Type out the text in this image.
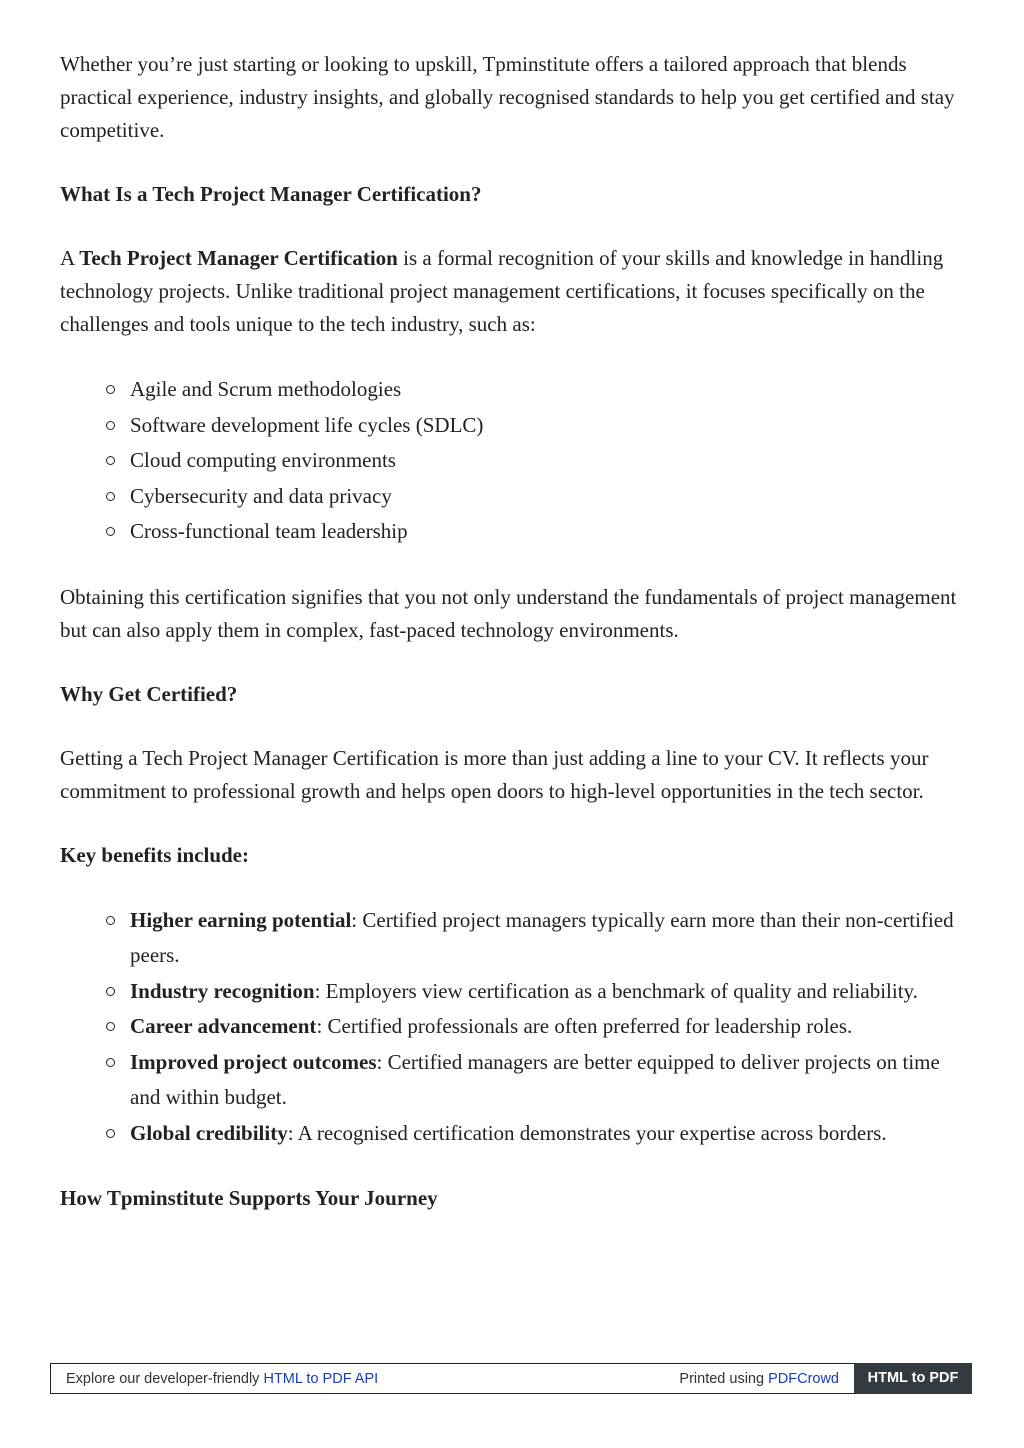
Whether you’re just starting or looking to upskill, Tpminstitute offers a tailored approach that blends practical experience, industry insights, and globally recognised standards to help you get certified and stay competitive.

What Is a Tech Project Manager Certification?

A Tech Project Manager Certification is a formal recognition of your skills and knowledge in handling technology projects. Unlike traditional project management certifications, it focuses specifically on the challenges and tools unique to the tech industry, such as:

Agile and Scrum methodologies
Software development life cycles (SDLC)
Cloud computing environments
Cybersecurity and data privacy
Cross-functional team leadership

Obtaining this certification signifies that you not only understand the fundamentals of project management but can also apply them in complex, fast-paced technology environments.

Why Get Certified?

Getting a Tech Project Manager Certification is more than just adding a line to your CV. It reflects your commitment to professional growth and helps open doors to high-level opportunities in the tech sector.

Key benefits include:
Higher earning potential: Certified project managers typically earn more than their non-certified peers.
Industry recognition: Employers view certification as a benchmark of quality and reliability.
Career advancement: Certified professionals are often preferred for leadership roles.
Improved project outcomes: Certified managers are better equipped to deliver projects on time and within budget.
Global credibility: A recognised certification demonstrates your expertise across borders.
How Tpminstitute Supports Your Journey
Explore our developer-friendly HTML to PDF API	Printed using PDFCrowd	HTML to PDF
